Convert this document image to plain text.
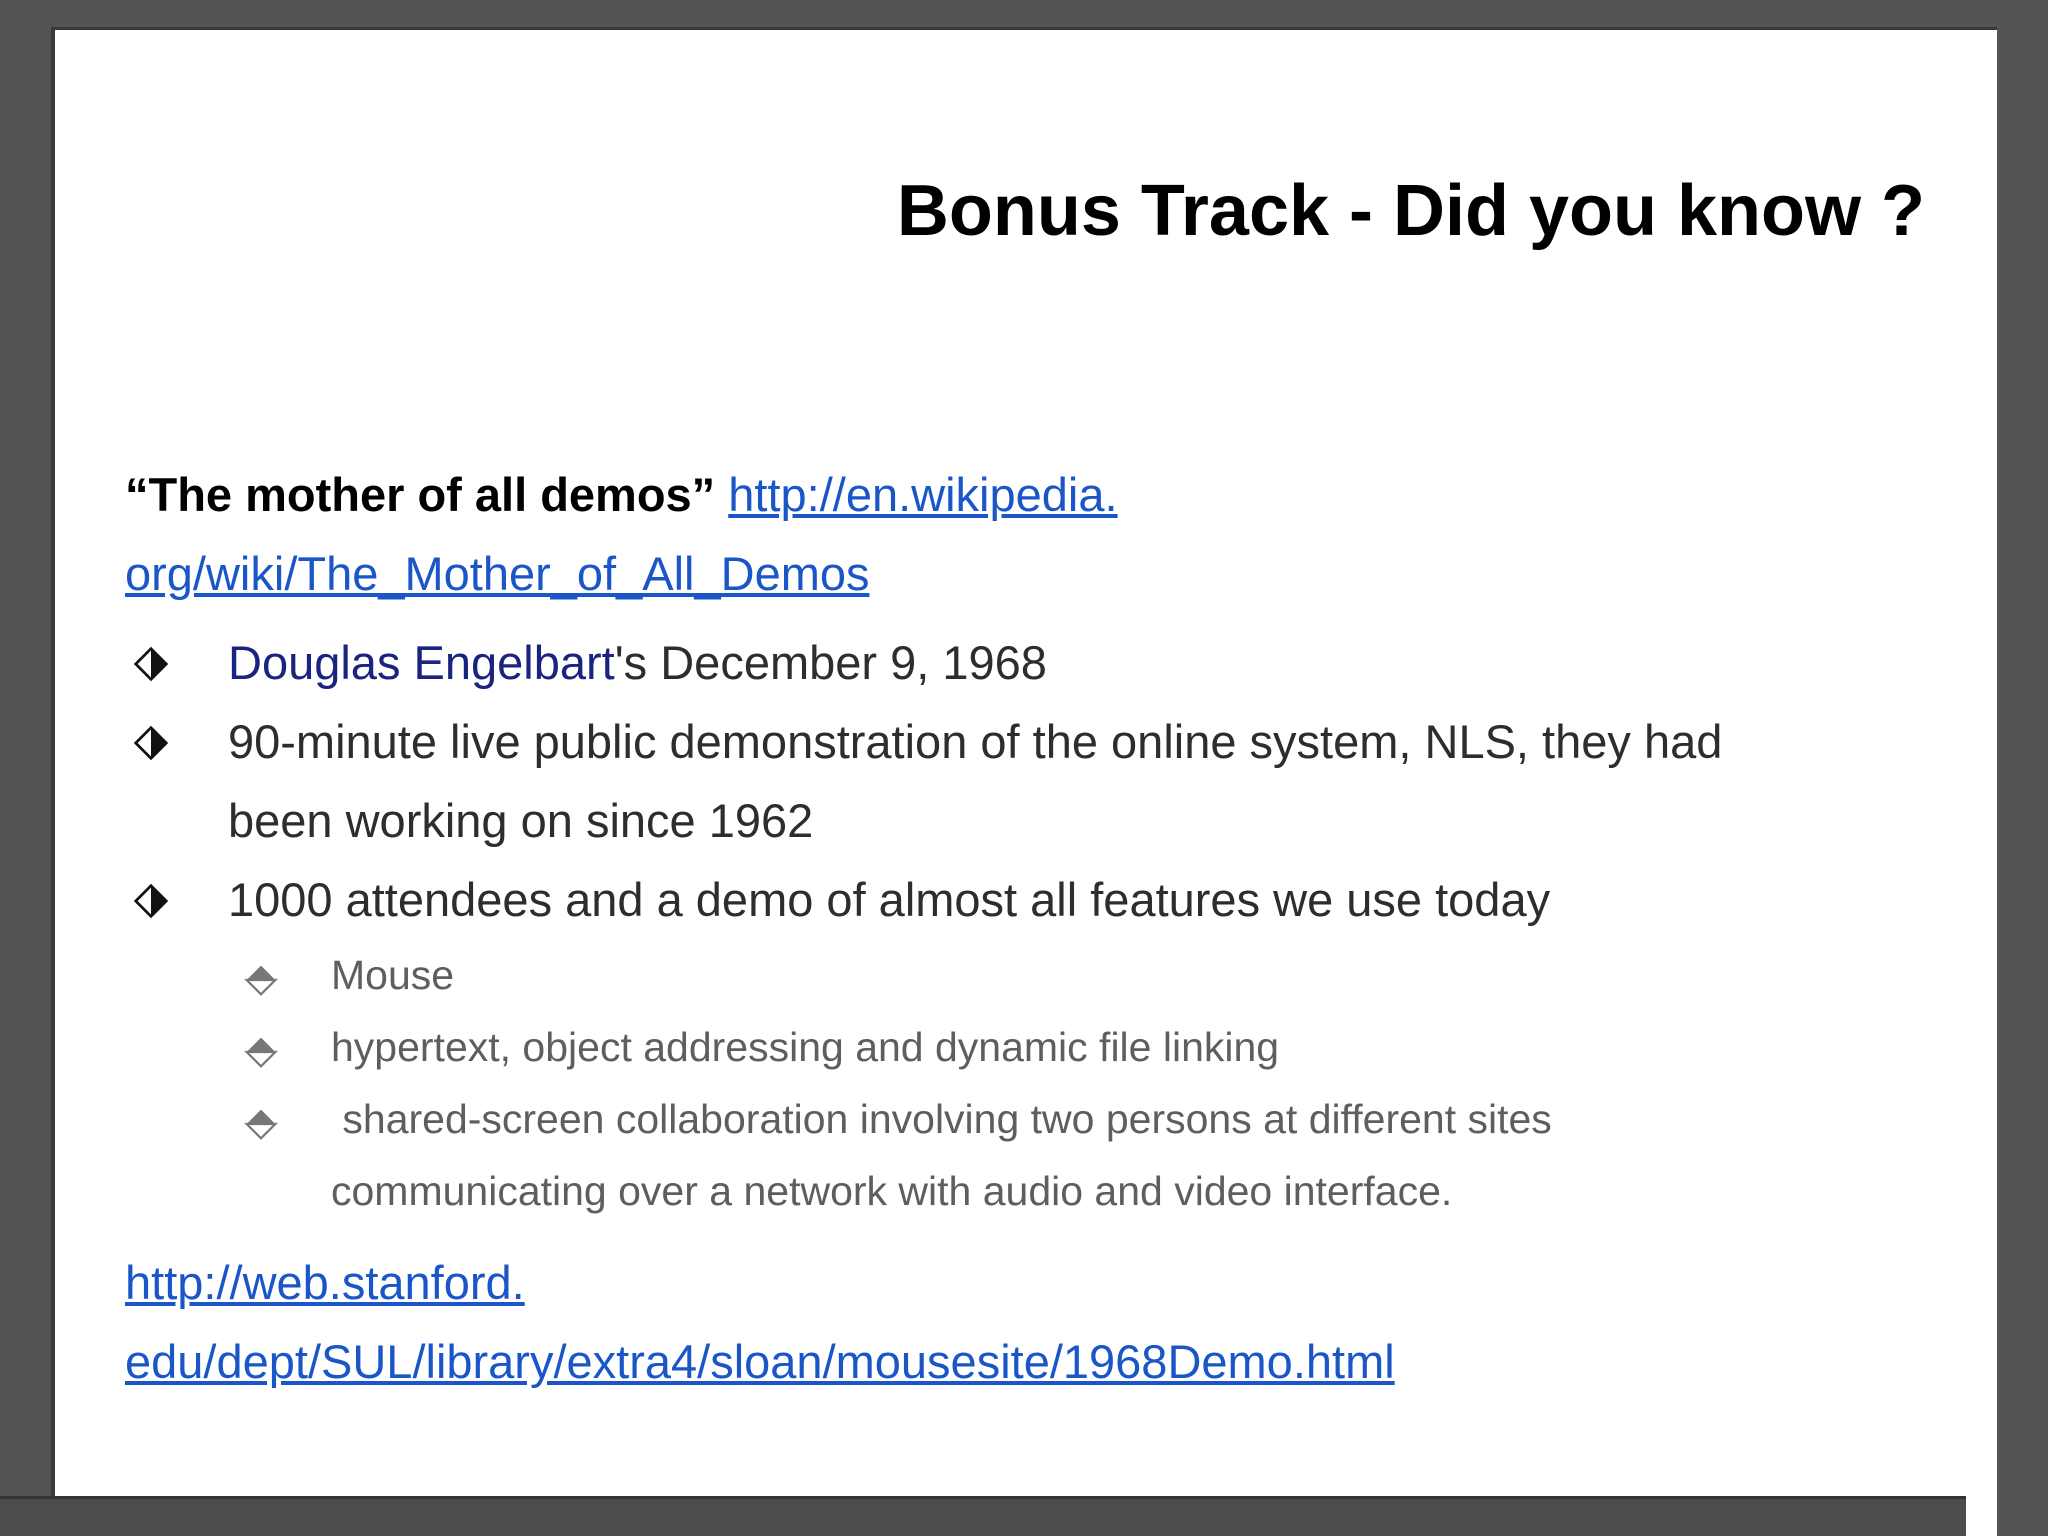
Bonus Track - Did you know ?

“The mother of all demos” http://en.wikipedia.
org/wiki/The_Mother_of_All_Demos

Douglas Engelbart's December 9, 1968
90-minute live public demonstration of the online system, NLS, they had
been working on since 1962
1000 attendees and a demo of almost all features we use today
Mouse
hypertext, object addressing and dynamic file linking
shared-screen collaboration involving two persons at different sites
communicating over a network with audio and video interface.

http://web.stanford.
edu/dept/SUL/library/extra4/sloan/mousesite/1968Demo.html
